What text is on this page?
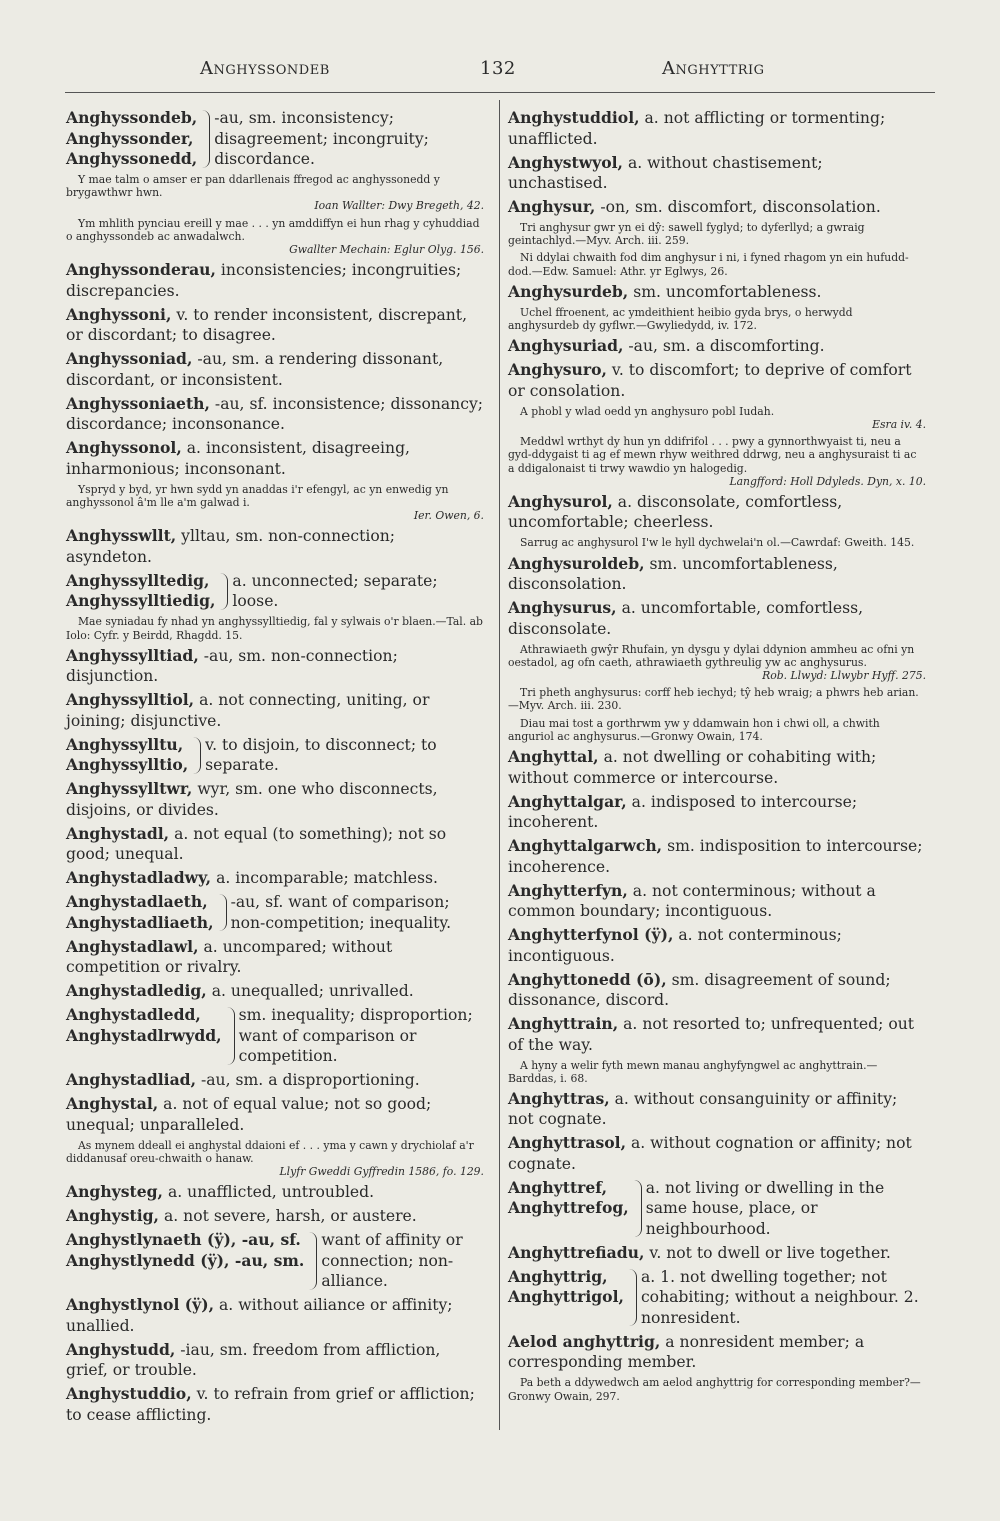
Anghyssondeb	132	Anghyttrig
Anghyssondeb,
Anghyssonder,
Anghyssonedd,
-au, sm. inconsistency; disagreement; incongruity; discordance.
Y mae talm o amser er pan ddarllenais ffregod ac anghyssonedd y brygawthwr hwn.
Ioan Wallter: Dwy Bregeth, 42.
Ym mhlith pynciau ereill y mae . . . yn amddiffyn ei hun rhag y cyhuddiad o anghyssondeb ac anwadalwch.
Gwallter Mechain: Eglur Olyg. 156.
Anghyssonderau, inconsistencies; incongruities; discrepancies.
Anghyssoni, v. to render inconsistent, discrepant, or discordant; to disagree.
Anghyssoniad, -au, sm. a rendering dissonant, discordant, or inconsistent.
Anghyssoniaeth, -au, sf. inconsistence; dissonancy; discordance; inconsonance.
Anghyssonol, a. inconsistent, disagreeing, inharmonious; inconsonant.
Yspryd y byd, yr hwn sydd yn anaddas i'r efengyl, ac yn enwedig yn anghyssonol â'm lle a'm galwad i.
Ier. Owen, 6.
Anghysswllt, ylltau, sm. non-connection; asyndeton.
Anghyssylltedig,
Anghyssylltiedig,
a. unconnected; separate; loose.
Mae syniadau fy nhad yn anghyssylltiedig, fal y sylwais o'r blaen.—Tal. ab Iolo: Cyfr. y Beirdd, Rhagdd. 15.
Anghyssylltiad, -au, sm. non-connection; disjunction.
Anghyssylltiol, a. not connecting, uniting, or joining; disjunctive.
Anghyssylltu,
Anghyssylltio,
v. to disjoin, to disconnect; to separate.
Anghyssylltwr, wyr, sm. one who disconnects, disjoins, or divides.
Anghystadl, a. not equal (to something); not so good; unequal.
Anghystadladwy, a. incomparable; matchless.
Anghystadlaeth,
Anghystadliaeth,
-au, sf. want of comparison; non-competition; inequality.
Anghystadlawl, a. uncompared; without competition or rivalry.
Anghystadledig, a. unequalled; unrivalled.
Anghystadledd,
Anghystadlrwydd,
sm. inequality; disproportion; want of comparison or competition.
Anghystadliad, -au, sm. a disproportioning.
Anghystal, a. not of equal value; not so good; unequal; unparalleled.
As mynem ddeall ei anghystal ddaioni ef . . . yma y cawn y drychiolaf a'r diddanusaf oreu-chwaith o hanaw.
Llyfr Gweddi Gyffredin 1586, fo. 129.
Anghysteg, a. unafflicted, untroubled.
Anghystig, a. not severe, harsh, or austere.
Anghystlynaeth (ÿ), -au, sf.
Anghystlynedd (ÿ), -au, sm.
want of affinity or connection; non-alliance.
Anghystlynol (ÿ), a. without ailiance or affinity; unallied.
Anghystudd, -iau, sm. freedom from affliction, grief, or trouble.
Anghystuddio, v. to refrain from grief or affliction; to cease afflicting.
Anghystuddiol, a. not afflicting or tormenting; unafflicted.
Anghystwyol, a. without chastisement; unchastised.
Anghysur, -on, sm. discomfort, disconsolation.
Tri anghysur gwr yn ei dŷ: sawell fyglyd; to dyferllyd; a gwraig geintachlyd.—Myv. Arch. iii. 259.
Ni ddylai chwaith fod dim anghysur i ni, i fyned rhagom yn ein hufudd-dod.—Edw. Samuel: Athr. yr Eglwys, 26.
Anghysurdeb, sm. uncomfortableness.
Uchel ffroenent, ac ymdeithient heibio gyda brys, o herwydd anghysurdeb dy gyflwr.—Gwyliedydd, iv. 172.
Anghysuriad, -au, sm. a discomforting.
Anghysuro, v. to discomfort; to deprive of comfort or consolation.
A phobl y wlad oedd yn anghysuro pobl Iudah.
Esra iv. 4.
Meddwl wrthyt dy hun yn ddifrifol . . . pwy a gynnorthwyaist ti, neu a gyd-ddygaist ti ag ef mewn rhyw weithred ddrwg, neu a anghysuraist ti ac a ddigalonaist ti trwy wawdio yn halogedig.
Langfford: Holl Ddyleds. Dyn, x. 10.
Anghysurol, a. disconsolate, comfortless, uncomfortable; cheerless.
Sarrug ac anghysurol I'w le hyll dychwelai'n ol.—Cawrdaf: Gweith. 145.
Anghysuroldeb, sm. uncomfortableness, disconsolation.
Anghysurus, a. uncomfortable, comfortless, disconsolate.
Athrawiaeth gwŷr Rhufain, yn dysgu y dylai ddynion ammheu ac ofni yn oestadol, ag ofn caeth, athrawiaeth gythreulig yw ac anghysurus.
Rob. Llwyd: Llwybr Hyff. 275.
Tri pheth anghysurus: corff heb iechyd; tŷ heb wraig; a phwrs heb arian.—Myv. Arch. iii. 230.
Diau mai tost a gorthrwm yw y ddamwain hon i chwi oll, a chwith anguriol ac anghysurus.—Gronwy Owain, 174.
Anghyttal, a. not dwelling or cohabiting with; without commerce or intercourse.
Anghyttalgar, a. indisposed to intercourse; incoherent.
Anghyttalgarwch, sm. indisposition to intercourse; incoherence.
Anghytterfyn, a. not conterminous; without a common boundary; incontiguous.
Anghytterfynol (ÿ), a. not conterminous; incontiguous.
Anghyttonedd (ō), sm. disagreement of sound; dissonance, discord.
Anghyttrain, a. not resorted to; unfrequented; out of the way.
A hyny a welir fyth mewn manau anghyfyngwel ac anghyttrain.—Barddas, i. 68.
Anghyttras, a. without consanguinity or affinity; not cognate.
Anghyttrasol, a. without cognation or affinity; not cognate.
Anghyttref,
Anghyttrefog,
a. not living or dwelling in the same house, place, or neighbourhood.
Anghyttrefiadu, v. not to dwell or live together.
Anghyttrig,
Anghyttrigol,
a. 1. not dwelling together; not cohabiting; without a neighbour. 2. nonresident.
Aelod anghyttrig, a nonresident member; a corresponding member.
Pa beth a ddywedwch am aelod anghyttrig for corresponding member?—Gronwy Owain, 297.
